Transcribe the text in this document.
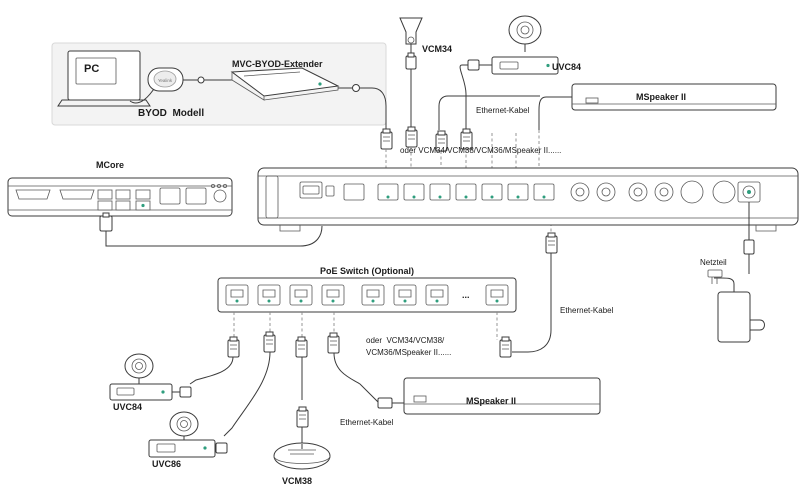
Yealink
PC	MVC-BYOD-Extender
BYOD  Modell
VCM34
UVC84
MSpeaker II
Ethernet-Kabel
oder VCM34/VCM38/VCM36/MSpeaker II......
MCore
PoE Switch (Optional)
...
Netzteil
Ethernet-Kabel
oder  VCM34/VCM38/
VCM36/MSpeaker II......
MSpeaker II
Ethernet-Kabel
UVC84
UVC86
VCM38
